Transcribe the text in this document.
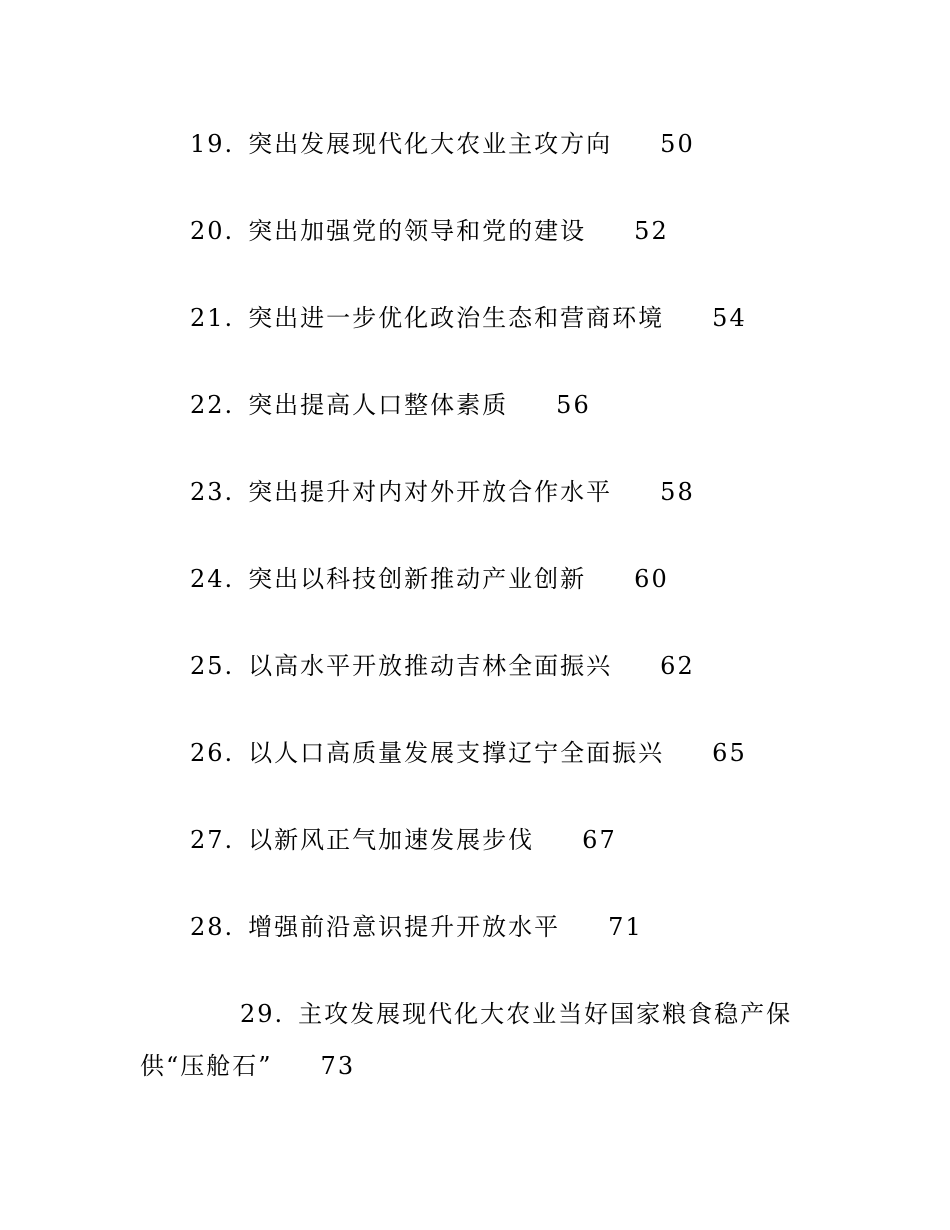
19. 突出发展现代化大农业主攻方向 50
20. 突出加强党的领导和党的建设 52
21. 突出进一步优化政治生态和营商环境 54
22. 突出提高人口整体素质 56
23. 突出提升对内对外开放合作水平 58
24. 突出以科技创新推动产业创新 60
25. 以高水平开放推动吉林全面振兴 62
26. 以人口高质量发展支撑辽宁全面振兴 65
27. 以新风正气加速发展步伐 67
28. 增强前沿意识提升开放水平 71
29. 主攻发展现代化大农业当好国家粮食稳产保供“压舱石” 73
